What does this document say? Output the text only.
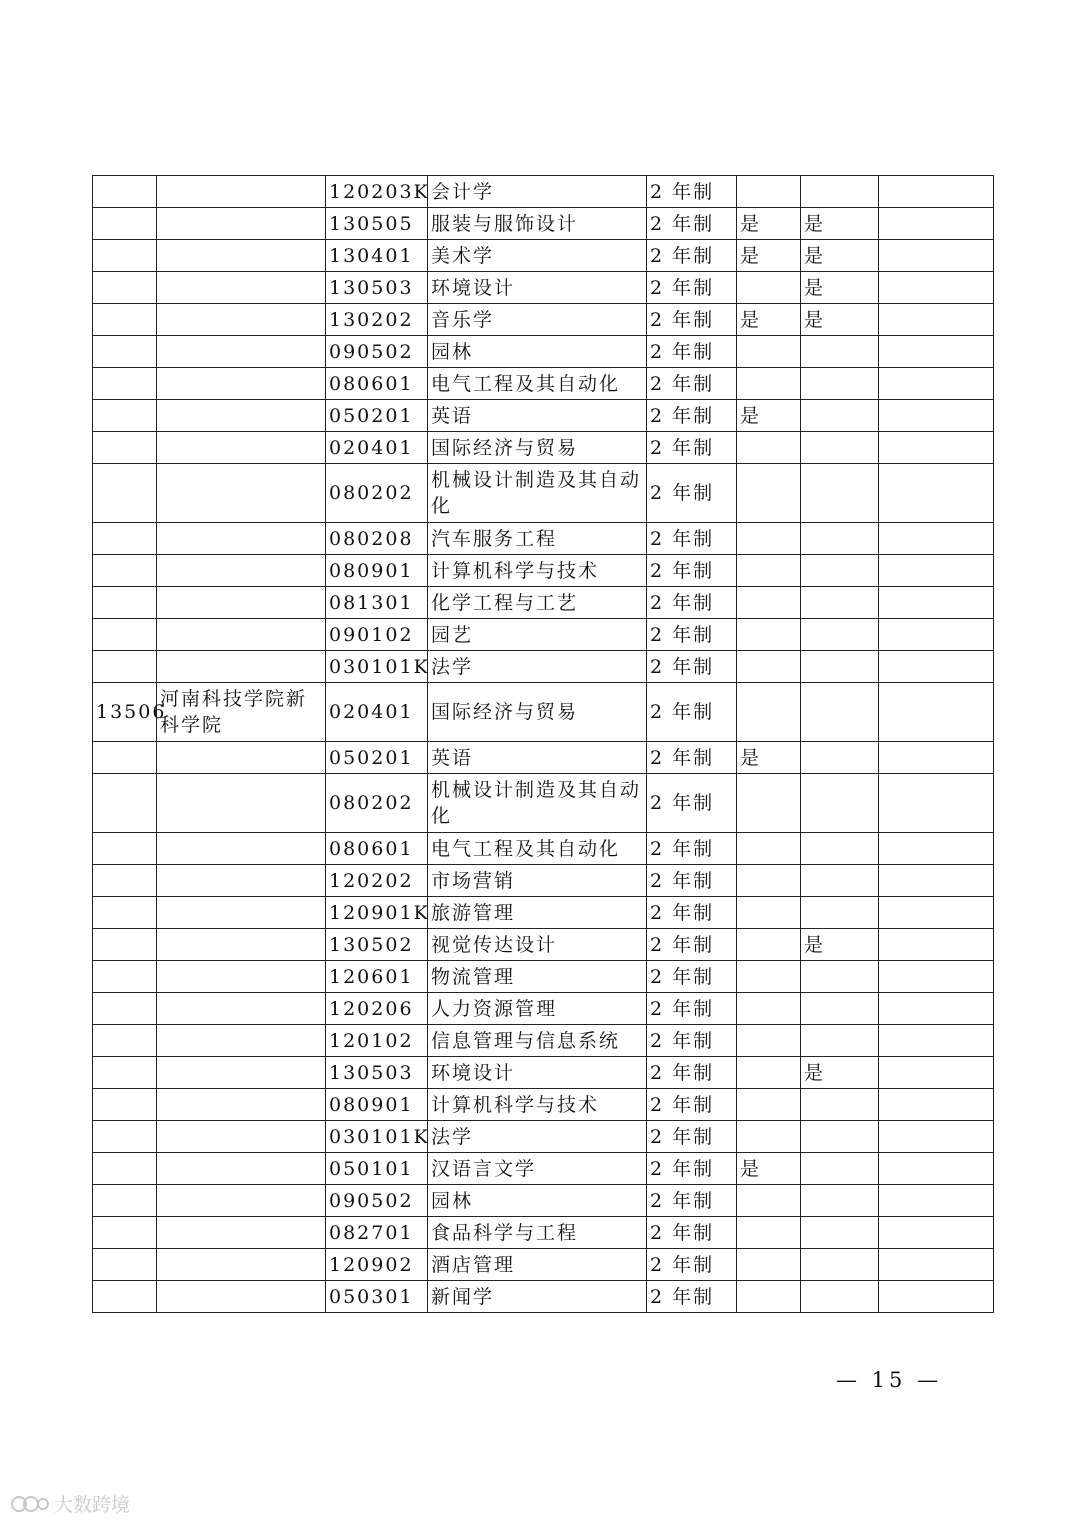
		120203K	会计学	2 年制			
		130505	服装与服饰设计	2 年制	是	是	
		130401	美术学	2 年制	是	是	
		130503	环境设计	2 年制		是	
		130202	音乐学	2 年制	是	是	
		090502	园林	2 年制			
		080601	电气工程及其自动化	2 年制			
		050201	英语	2 年制	是		
		020401	国际经济与贸易	2 年制			
		080202	机械设计制造及其自动化	2 年制			
		080208	汽车服务工程	2 年制			
		080901	计算机科学与技术	2 年制			
		081301	化学工程与工艺	2 年制			
		090102	园艺	2 年制			
		030101K	法学	2 年制			
13506	河南科技学院新科学院	020401	国际经济与贸易	2 年制			
		050201	英语	2 年制	是		
		080202	机械设计制造及其自动化	2 年制			
		080601	电气工程及其自动化	2 年制			
		120202	市场营销	2 年制			
		120901K	旅游管理	2 年制			
		130502	视觉传达设计	2 年制		是	
		120601	物流管理	2 年制			
		120206	人力资源管理	2 年制			
		120102	信息管理与信息系统	2 年制			
		130503	环境设计	2 年制		是	
		080901	计算机科学与技术	2 年制			
		030101K	法学	2 年制			
		050101	汉语言文学	2 年制	是		
		090502	园林	2 年制			
		082701	食品科学与工程	2 年制			
		120902	酒店管理	2 年制			
		050301	新闻学	2 年制			
— 15 —
大数跨境
